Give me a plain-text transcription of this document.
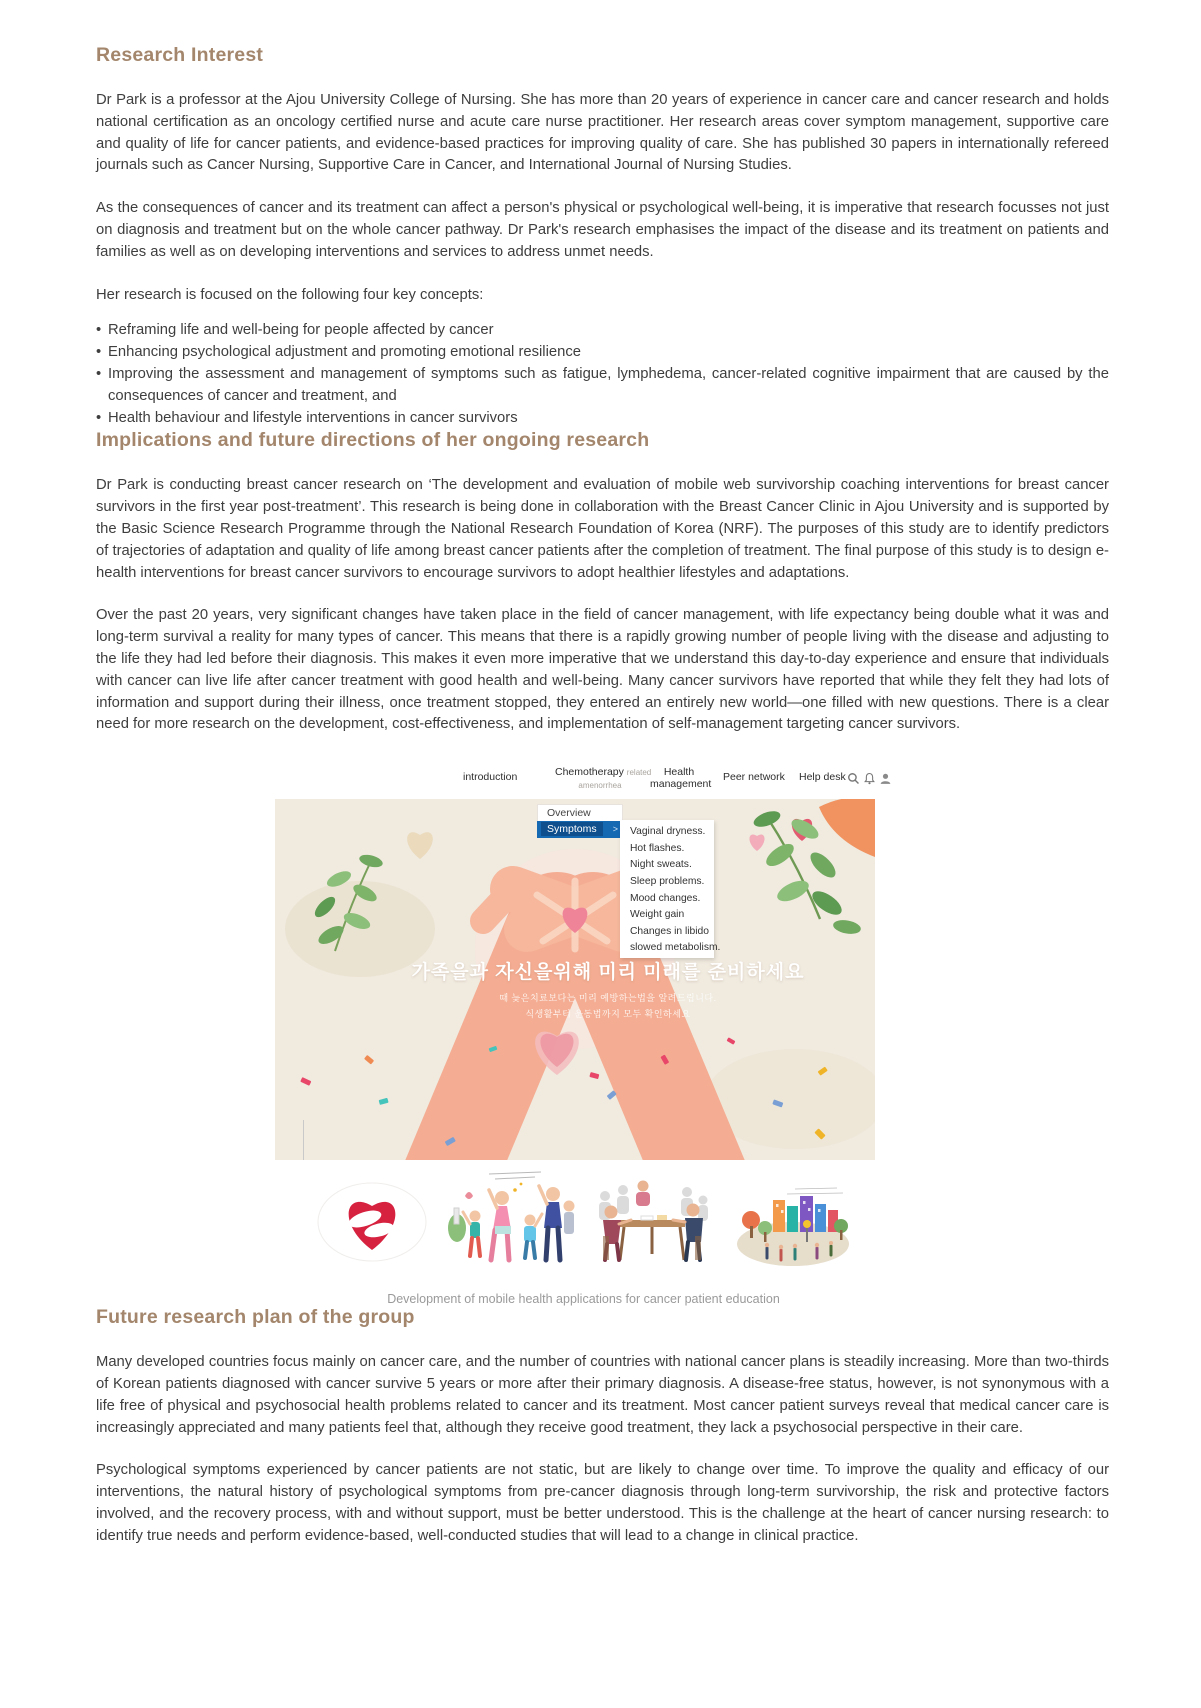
Research Interest

Dr Park is a professor at the Ajou University College of Nursing. She has more than 20 years of experience in cancer care and cancer research and holds national certification as an oncology certified nurse and acute care nurse practitioner. Her research areas cover symptom management, supportive care and quality of life for cancer patients, and evidence-based practices for improving quality of care. She has published 30 papers in internationally refereed journals such as Cancer Nursing, Supportive Care in Cancer, and International Journal of Nursing Studies.

As the consequences of cancer and its treatment can affect a person's physical or psychological well-being, it is imperative that research focusses not just on diagnosis and treatment but on the whole cancer pathway. Dr Park's research emphasises the impact of the disease and its treatment on patients and families as well as on developing interventions and services to address unmet needs.

Her research is focused on the following four key concepts:

• Reframing life and well-being for people affected by cancer
• Enhancing psychological adjustment and promoting emotional resilience
• Improving the assessment and management of symptoms such as fatigue, lymphedema, cancer-related cognitive impairment that are caused by the consequences of cancer and treatment, and
• Health behaviour and lifestyle interventions in cancer survivors
Implications and future directions of her ongoing research

Dr Park is conducting breast cancer research on ‘The development and evaluation of mobile web survivorship coaching interventions for breast cancer survivors in the first year post-treatment’. This research is being done in collaboration with the Breast Cancer Clinic in Ajou University and is supported by the Basic Science Research Programme through the National Research Foundation of Korea (NRF). The purposes of this study are to identify predictors of trajectories of adaptation and quality of life among breast cancer patients after the completion of treatment. The final purpose of this study is to design e-health interventions for breast cancer survivors to encourage survivors to adopt healthier lifestyles and adaptations.

Over the past 20 years, very significant changes have taken place in the field of cancer management, with life expectancy being double what it was and long-term survival a reality for many types of cancer. This means that there is a rapidly growing number of people living with the disease and adjusting to the life they had led before their diagnosis. This makes it even more imperative that we understand this day-to-day experience and ensure that individuals with cancer can live life after cancer treatment with good health and well-being. Many cancer survivors have reported that while they felt they had lots of information and support during their illness, once treatment stopped, they entered an entirely new world—one filled with new questions. There is a clear need for more research on the development, cost-effectiveness, and implementation of self-management targeting cancer survivors.

introduction	Chemotherapy related
amenorrhea
Health
management
Peer network Help desk
가족을과 자신을위해 미리 미래를 준비하세요
때 늦은치료보다는 미리 예방하는법을 알려드립니다.
식생활부터 운동법까지 모두 확인하세요
Overview
Symptoms >	Vaginal dryness.
Hot flashes.
Night sweats.
Sleep problems.
Mood changes.
Weight gain
Changes in libido
slowed metabolism.
Development of mobile health applications for cancer patient education
Future research plan of the group

Many developed countries focus mainly on cancer care, and the number of countries with national cancer plans is steadily increasing. More than two-thirds of Korean patients diagnosed with cancer survive 5 years or more after their primary diagnosis. A disease-free status, however, is not synonymous with a life free of physical and psychosocial health problems related to cancer and its treatment. Most cancer patient surveys reveal that medical cancer care is increasingly appreciated and many patients feel that, although they receive good treatment, they lack a psychosocial perspective in their care.

Psychological symptoms experienced by cancer patients are not static, but are likely to change over time. To improve the quality and efficacy of our interventions, the natural history of psychological symptoms from pre-cancer diagnosis through long-term survivorship, the risk and protective factors involved, and the recovery process, with and without support, must be better understood. This is the challenge at the heart of cancer nursing research: to identify true needs and perform evidence-based, well-conducted studies that will lead to a change in clinical practice.
